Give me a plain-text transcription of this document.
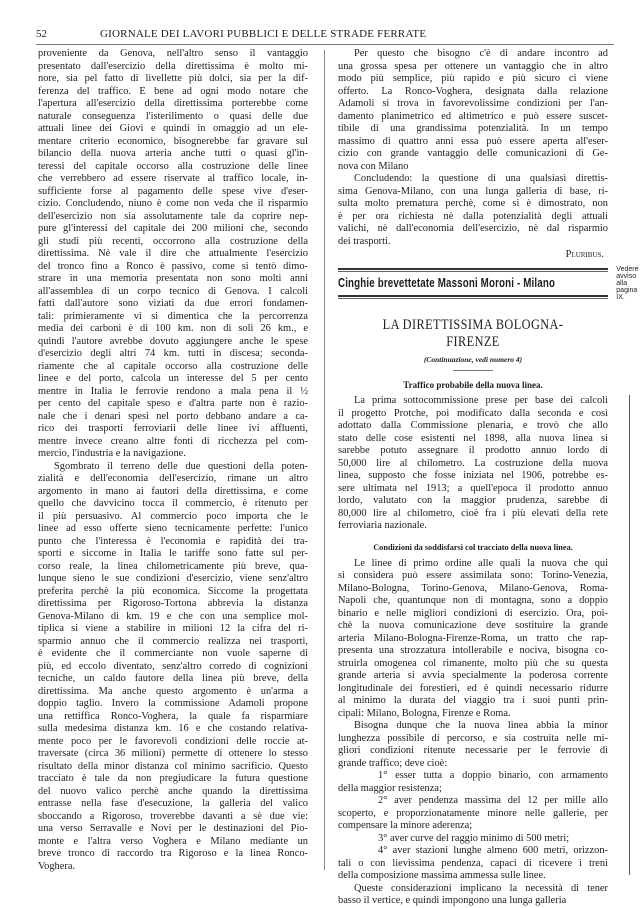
52	GIORNALE DEI LAVORI PUBBLICI E DELLE STRADE FERRATE
proveniente da Genova, nell'altro senso il vantaggio
presentato dall'esercizio della direttissima è molto mi-
nore, sia pel fatto di livellette più dolci, sia per la dif-
ferenza del traffico. È bene ad ogni modo notare che
l'apertura all'esercizio della direttissima porterebbe come
naturale conseguenza l'isterilimento o quasi delle due
attuali linee dei Giovi e quindi in omaggio ad un ele-
mentare criterio economico, bisognerebbe far gravare sul
bilancio della nuova arteria anche tutti o quasi gl'in-
teressi del capitale occorso alla costruzione delle linee
che verrebbero ad essere riservate al traffico locale, in-
sufficiente forse al pagamento delle spese vive d'eser-
cizio. Concludendo, niuno è come non veda che il risparmio
dell'esercizio non sia assolutamente tale da coprire nep-
pure gl'interessi del capitale dei 200 milioni che, secondo
gli studi più recenti, occorrono alla costruzione della
direttissima. Nè vale il dire che attualmente l'esercizio
del tronco fino a Ronco è passivo, come si tentò dimo-
strare in una memoria presentata non sono molti anni
all'assemblea di un corpo tecnico di Genova. I calcoli
fatti dall'autore sono viziati da due errori fondamen-
tali: primieramente vi si dimentica che la percorrenza
media dei carboni è di 100 km. non di soli 26 km., e
quindi l'autore avrebbe dovuto aggiungere anche le spese
d'esercizio degli altri 74 km. tutti in discesa; seconda-
riamente che al capitale occorso alla costruzione delle
linee e del porto, calcola un interesse del 5 per cento
mentre in Italia le ferrovie rendono a mala pena il ½
per cento del capitale speso e d'altra parte non è razio-
nale che i denari spesi nel porto debbano andare a ca-
rico dei trasporti ferroviarii delle linee ivi affluenti,
mentre invece creano altre fonti di ricchezza pel com-
mercio, l'industria e la navigazione.
Sgombrato il terreno delle due questioni della poten-
zialità e dell'economia dell'esercizio, rimane un altro
argomento in mano ai fautori della direttissima, e come
quello che davvicino tocca il commercio, è ritenuto per
il più persuasivo. Al commercio poco importa che le
linee ad esso offerte sieno tecnicamente perfette: l'unico
punto che l'interessa è l'economia e rapidità dei tra-
sporti e siccome in Italia le tariffe sono fatte sul per-
corso reale, la linea chilometricamente più breve, qua-
lunque sieno le sue condizioni d'esercizio, viene senz'altro
preferita perchè la più economica. Siccome la progettata
direttissima per Rigoroso-Tortona abbrevia la distanza
Genova-Milano di km. 19 e che con una semplice mol-
tiplica si viene a stabilire in milioni 12 la cifra del ri-
sparmio annuo che il commercio realizza nei trasporti,
è evidente che il commerciante non vuole saperne di
più, ed eccolo diventato, senz'altro corredo di cognizioni
tecniche, un caldo fautore della linea più breve, della
direttissima. Ma anche questo argomento è un'arma a
doppio taglio. Invero la commissione Adamoli propone
una rettiffica Ronco-Voghera, la quale fa risparmiare
sulla medesima distanza km. 16 e che costando relativa-
mente poco per le favorevoli condizioni delle roccie at-
traversate (circa 36 milioni) permette di ottenere lo stesso
risultato della minor distanza col minimo sacrificio. Questo
tracciato è tale da non pregiudicare la futura questione
del nuovo valico perchè anche quando la direttissima
entrasse nella fase d'esecuzione, la galleria del valico
sboccando a Rigoroso, troverebbe davanti a sè due vie:
una verso Serravalle e Novi per le destinazioni del Pio-
monte e l'altra verso Voghera e Milano mediante un
breve tronco di raccordo tra Rigoroso e la linea Ronco-
Voghera.
Per questo che bisogno c'è di andare incontro ad
una grossa spesa per ottenere un vantaggio che in altro
modo più semplice, più rapido e più sicuro ci viene
offerto. La Ronco-Voghera, designata dalla relazione
Adamoli si trova in favorevolissime condizioni per l'an-
damento planimetrico ed altimetrico e può essere suscet-
tibile di una grandissima potenzialità. In un tempo
massimo di quattro anni essa può essere aperta all'eser-
cizio con grande vantaggio delle comunicazioni di Ge-
nova con Milano
Concludendo: la questione di una qualsiasi direttis-
sima Genova-Milano, con una lunga galleria di base, ri-
sulta molto prematura perchè, come si è dimostrato, non
è per ora richiesta nè dalla potenzialità degli attuali
valichi, nè dall'economia dell'esercizio, nè dal risparmio
dei trasporti.
Pluribus.
Cinghie brevettetate Massoni Moroni - Milano
Vedere avviso alla pagina IX.
LA DIRETTISSIMA BOLOGNA-FIRENZE
(Continuazione, vedi numero 4)
Traffico probabile della nuova linea.
La prima sottocommissione prese per base dei calcoli
il progetto Protche, poi modificato dalla seconda e così
adottato dalla Commissione plenaria, e trovò che allo
stato delle cose esistenti nel 1898, alla nuova linea si
sarebbe potuto assegnare il prodotto annuo lordo di
50,000 lire al chilometro. La costruzione della nuova
linea, supposto che fosse iniziata nel 1906, potrebbe es-
sere ultimata nel 1913; a quell'epoca il prodotto annuo
lordo, valutato con la maggior prudenza, sarebbe di
80,000 lire al chilometro, cioè fra i più elevati della rete
ferroviaria nazionale.
Condizioni da soddisfarsi col tracciato della nuova linea.
Le linee di primo ordine alle quali la nuova che qui
si considera può essere assimilata sono: Torino-Venezia,
Milano-Bologna, Torino-Genova, Milano-Genova, Roma-
Napoli che, quantunque non di montagna, sono a doppio
binario e nelle migliori condizioni di esercizio. Ora, poi-
chè la nuova comunicazione deve sostituire la grande
arteria Milano-Bologna-Firenze-Roma, un tratto che rap-
presenta una strozzatura intollerabile e nociva, bisogna co-
struirla omogenea col rimanente, molto più che su questa
grande arteria si avvia specialmente la poderosa corrente
longitudinale dei forestieri, ed è quindi necessario ridurre
al minimo la durata del viaggio tra i suoi punti prin-
cipali: Milano, Bologna, Firenze e Roma.
Bisogna dunque che la nuova linea abbia la minor
lunghezza possibile di percorso, e sia costruita nelle mi-
gliori condizioni ritenute necessarie per le ferrovie di
grande traffico; deve cioè:
1° esser tutta a doppio binario, con armamento
della maggior resistenza;
2° aver pendenza massima del 12 per mille allo
scoperto, e proporzionatamente minore nelle gallerie, per
compensare la minore aderenza;
3° aver curve del raggio minimo di 500 metri;
4° aver stazioni lunghe almeno 600 metri, orizzon-
tali o con lievissima pendenza, capaci di ricevere i treni
della composizione massima ammessa sulle linee.
Queste considerazioni implicano la necessità di tener
basso il vertice, e quindi impongono una lunga galleria
